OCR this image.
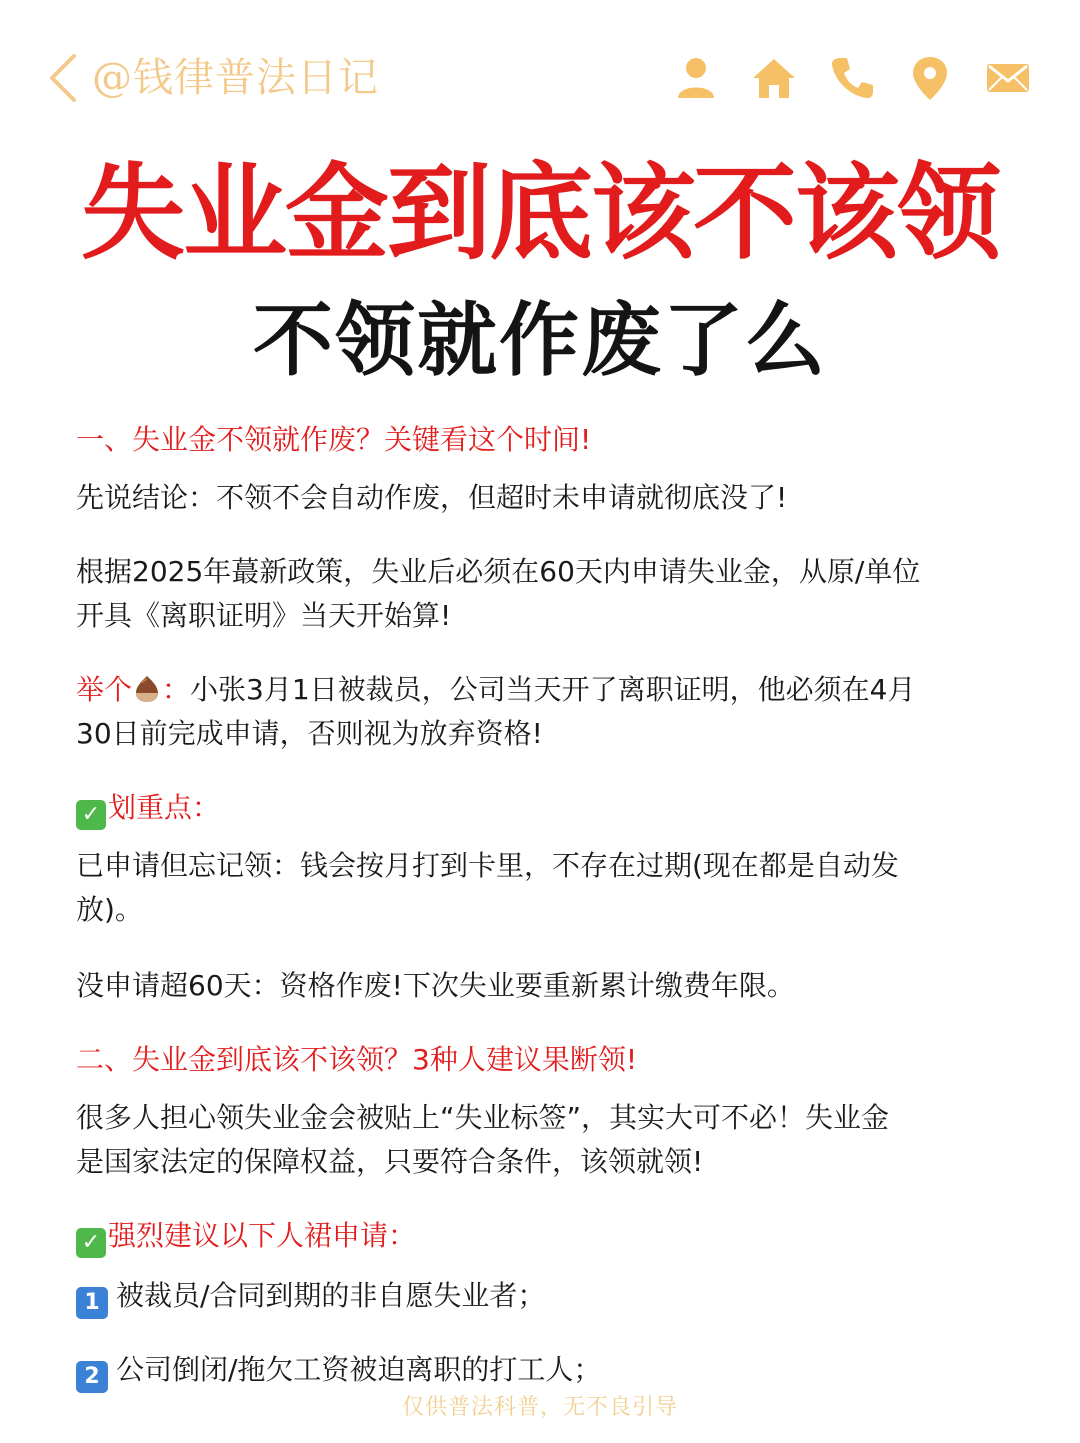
@钱律普法日记
失业金到底该不该领
不领就作废了么

一、失业金不领就作废？关键看这个时间!

先说结论：不领不会自动作废，但超时未申请就彻底没了!

根据2025年蕞新政策，失业后必须在60天内申请失业金，从原/单位

开具《离职证明》当天开始算!

举个 ：小张3月1日被裁员，公司当天开了离职证明，他必须在4月

30日前完成申请，否则视为放弃资格!

✓ 划重点：

已申请但忘记领：钱会按月打到卡里，不存在过期(现在都是自动发

放)。

没申请超60天：资格作废!下次失业要重新累计缴费年限。

二、失业金到底该不该领？3种人建议果断领!

很多人担心领失业金会被贴上“失业标签”，其实大可不必！失业金

是国家法定的保障权益，只要符合条件，该领就领!

✓ 强烈建议以下人裙申请：

1 被裁员/合同到期的非自愿失业者；

2 公司倒闭/拖欠工资被迫离职的打工人；

仅供普法科普，无不良引导
